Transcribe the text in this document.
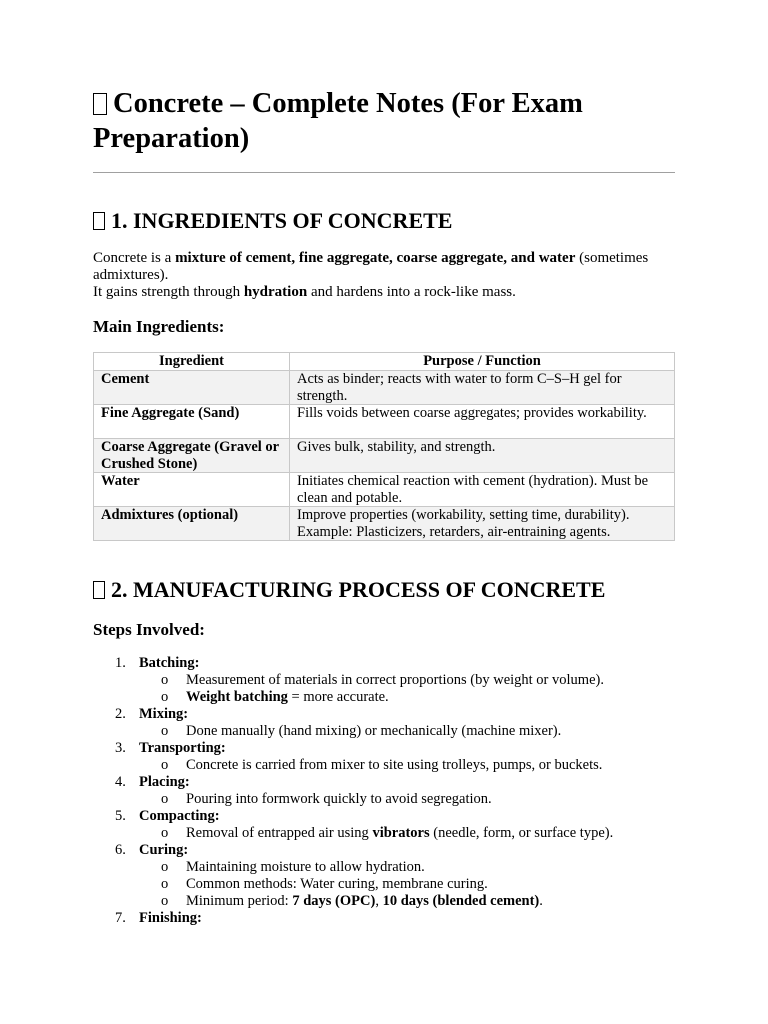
Concrete – Complete Notes (For Exam Preparation)
1. INGREDIENTS OF CONCRETE
Concrete is a mixture of cement, fine aggregate, coarse aggregate, and water (sometimes admixtures).
It gains strength through hydration and hardens into a rock-like mass.
Main Ingredients:
Ingredient	Purpose / Function
Cement	Acts as binder; reacts with water to form C–S–H gel for strength.
Fine Aggregate (Sand)	Fills voids between coarse aggregates; provides workability.
Coarse Aggregate (Gravel or Crushed Stone)	Gives bulk, stability, and strength.
Water	Initiates chemical reaction with cement (hydration). Must be clean and potable.
Admixtures (optional)	Improve properties (workability, setting time, durability). Example: Plasticizers, retarders, air-entraining agents.
2. MANUFACTURING PROCESS OF CONCRETE
Steps Involved:
1. Batching:
o Measurement of materials in correct proportions (by weight or volume).
o Weight batching = more accurate.
2. Mixing:
o Done manually (hand mixing) or mechanically (machine mixer).
3. Transporting:
o Concrete is carried from mixer to site using trolleys, pumps, or buckets.
4. Placing:
o Pouring into formwork quickly to avoid segregation.
5. Compacting:
o Removal of entrapped air using vibrators (needle, form, or surface type).
6. Curing:
o Maintaining moisture to allow hydration.
o Common methods: Water curing, membrane curing.
o Minimum period: 7 days (OPC), 10 days (blended cement).
7. Finishing:
